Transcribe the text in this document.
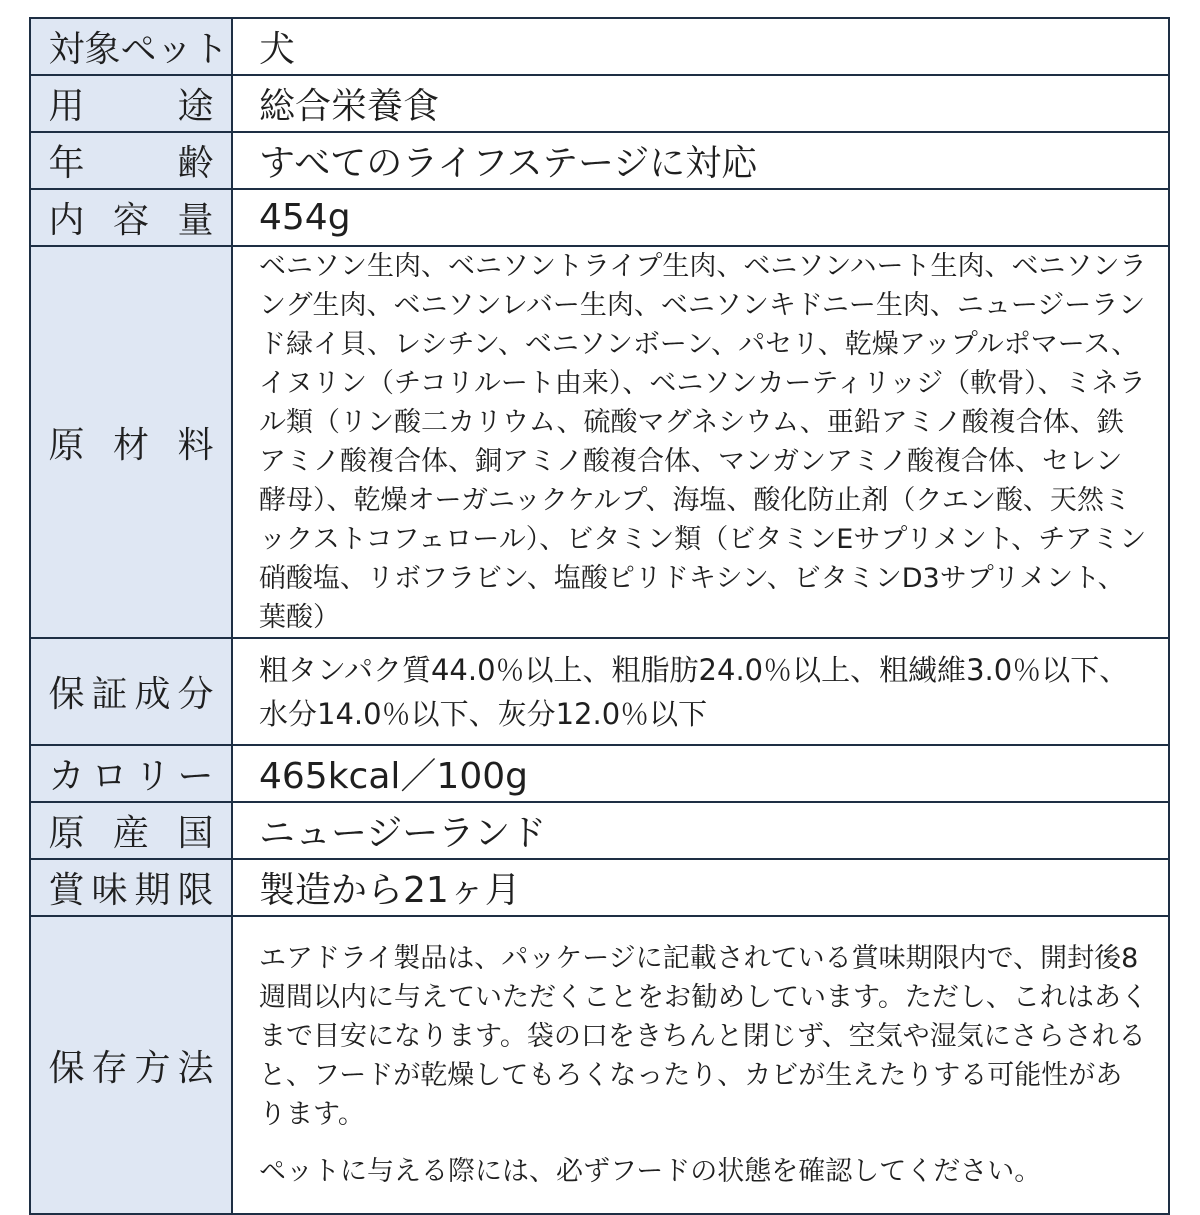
対象ペット	犬
用途	総合栄養食
年齢	すべてのライフステージに対応
内容量	454g
原材料	ベニソン生肉、ベニソントライプ生肉、ベニソンハート生肉、ベニソンラング生肉、ベニソンレバー生肉、ベニソンキドニー生肉、ニュージーランド緑イ貝、レシチン、ベニソンボーン、パセリ、乾燥アップルポマース、イヌリン（チコリルート由来）、ベニソンカーティリッジ（軟骨）、ミネラル類（リン酸二カリウム、硫酸マグネシウム、亜鉛アミノ酸複合体、鉄アミノ酸複合体、銅アミノ酸複合体、マンガンアミノ酸複合体、セレン酵母）、乾燥オーガニックケルプ、海塩、酸化防止剤（クエン酸、天然ミックストコフェロール）、ビタミン類（ビタミンEサプリメント、チアミン硝酸塩、リボフラビン、塩酸ピリドキシン、ビタミンD3サプリメント、葉酸）

保証成分	粗タンパク質44.0％以上、粗脂肪24.0％以上、粗繊維3.0％以下、水分14.0％以下、灰分12.0％以下
カロリー	465kcal／100g
原産国	ニュージーランド
賞味期限	製造から21ヶ月
保存方法	エアドライ製品は、パッケージに記載されている賞味期限内で、開封後8週間以内に与えていただくことをお勧めしています。ただし、これはあくまで目安になります。袋の口をきちんと閉じず、空気や湿気にさらされると、フードが乾燥してもろくなったり、カビが生えたりする可能性があります。

ペットに与える際には、必ずフードの状態を確認してください。
